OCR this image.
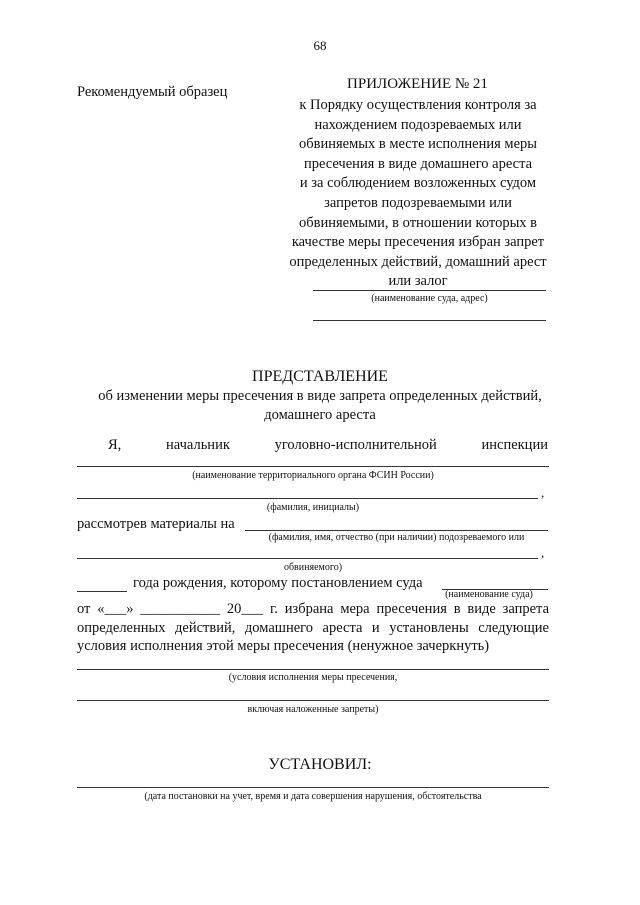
68
Рекомендуемый образец	ПРИЛОЖЕНИЕ № 21
к Порядку осуществления контроля за
нахождением подозреваемых или
обвиняемых в месте исполнения меры
пресечения в виде домашнего ареста
и за соблюдением возложенных судом
запретов подозреваемыми или
обвиняемыми, в отношении которых в
качестве меры пресечения избран запрет
определенных действий, домашний арест
или залог
(наименование суда, адрес)
ПРЕДСТАВЛЕНИЕ
об изменении меры пресечения в виде запрета определенных действий,
домашнего ареста
Я,	начальник	уголовно-исполнительной	инспекции
(наименование территориального органа ФСИН России)
,
(фамилия, инициалы)
рассмотрев материалы на
(фамилия, имя, отчество (при наличии) подозреваемого или
,
обвиняемого)
года рождения, которому постановлением суда
(наименование суда)
от «___» ___________ 20___ г. избрана мера пресечения в виде запрета
определенных действий, домашнего ареста и установлены следующие
условия исполнения этой меры пресечения (ненужное зачеркнуть)
(условия исполнения меры пресечения,
включая наложенные запреты)
УСТАНОВИЛ:
(дата постановки на учет, время и дата совершения нарушения, обстоятельства
